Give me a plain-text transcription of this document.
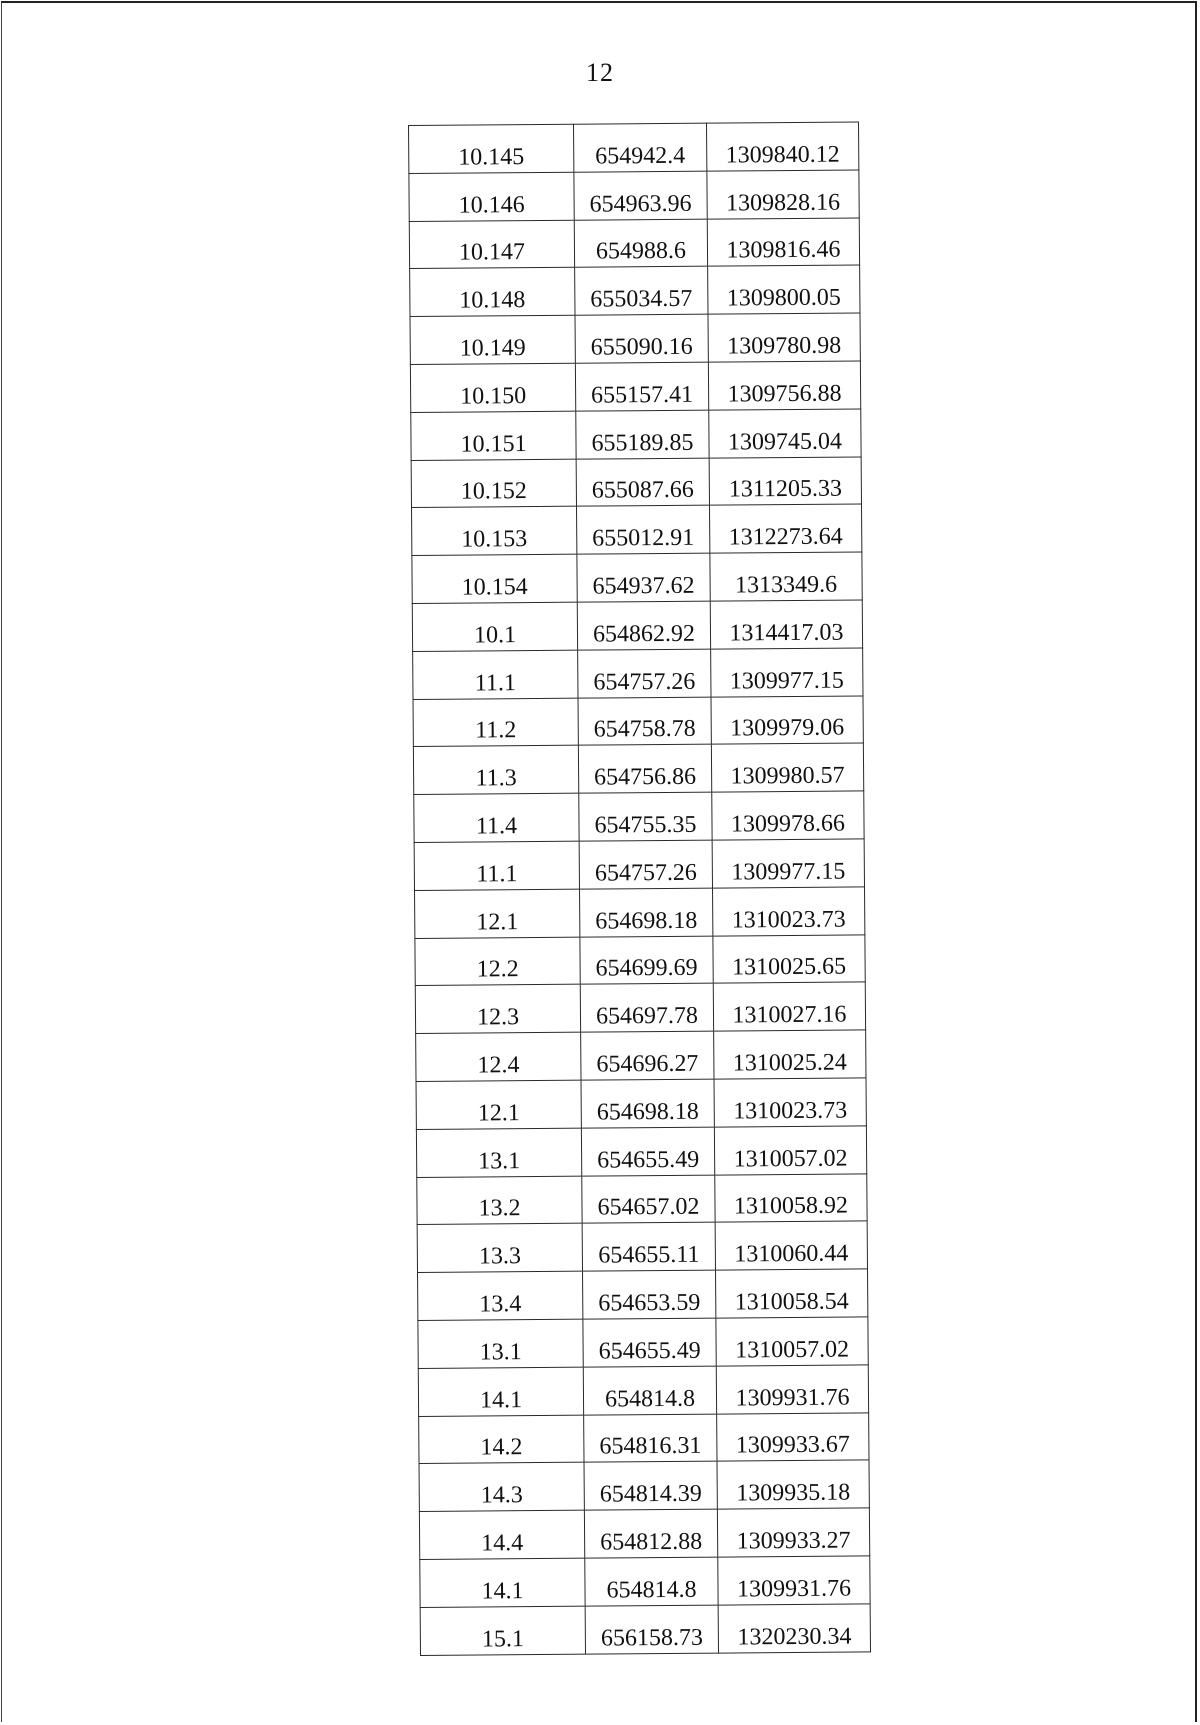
12
10.145	654942.4	1309840.12
10.146	654963.96	1309828.16
10.147	654988.6	1309816.46
10.148	655034.57	1309800.05
10.149	655090.16	1309780.98
10.150	655157.41	1309756.88
10.151	655189.85	1309745.04
10.152	655087.66	1311205.33
10.153	655012.91	1312273.64
10.154	654937.62	1313349.6
10.1	654862.92	1314417.03
11.1	654757.26	1309977.15
11.2	654758.78	1309979.06
11.3	654756.86	1309980.57
11.4	654755.35	1309978.66
11.1	654757.26	1309977.15
12.1	654698.18	1310023.73
12.2	654699.69	1310025.65
12.3	654697.78	1310027.16
12.4	654696.27	1310025.24
12.1	654698.18	1310023.73
13.1	654655.49	1310057.02
13.2	654657.02	1310058.92
13.3	654655.11	1310060.44
13.4	654653.59	1310058.54
13.1	654655.49	1310057.02
14.1	654814.8	1309931.76
14.2	654816.31	1309933.67
14.3	654814.39	1309935.18
14.4	654812.88	1309933.27
14.1	654814.8	1309931.76
15.1	656158.73	1320230.34
